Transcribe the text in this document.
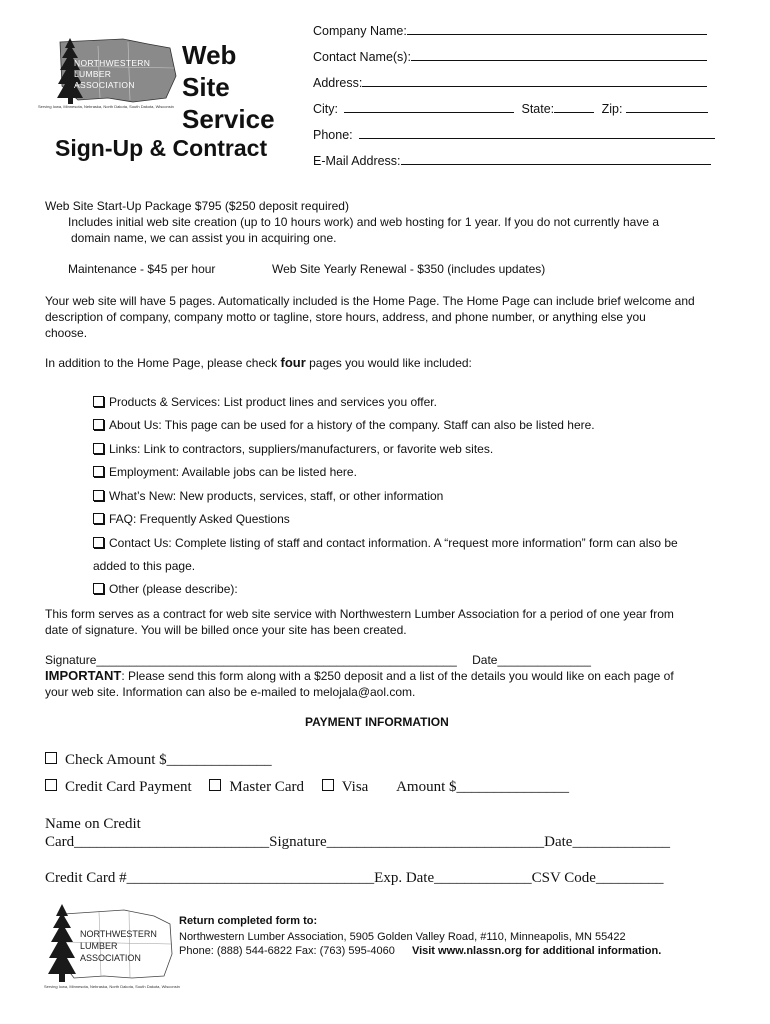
NORTHWESTERN
LUMBER
ASSOCIATION
Serving Iowa, Minnesota, Nebraska, North Dakota, South Dakota, Wisconsin
Web
Site
Service
Sign-Up & Contract
Company Name:
Contact Name(s):
Address:
City:	State:	Zip:
Phone:
E-Mail Address:
Web Site Start-Up Package $795 ($250 deposit required)
Includes initial web site creation (up to 10 hours work) and web hosting for 1 year. If you do not currently have a
domain name, we can assist you in acquiring one.
Maintenance - $45 per hour	Web Site Yearly Renewal - $350 (includes updates)
Your web site will have 5 pages. Automatically included is the Home Page. The Home Page can include brief welcome and
description of company, company motto or tagline, store hours, address, and phone number, or anything else you
choose.
In addition to the Home Page, please check four pages you would like included:
Products & Services: List product lines and services you offer.
About Us: This page can be used for a history of the company. Staff can also be listed here.
Links: Link to contractors, suppliers/manufacturers, or favorite web sites.
Employment: Available jobs can be listed here.
What’s New: New products, services, staff, or other information
FAQ: Frequently Asked Questions
Contact Us: Complete listing of staff and contact information. A “request more information” form can also be
added to this page.
Other (please describe):
This form serves as a contract for web site service with Northwestern Lumber Association for a period of one year from
date of signature. You will be billed once your site has been created.
Signature______________________________________________________ Date______________
IMPORTANT: Please send this form along with a $250 deposit and a list of the details you would like on each page of
your web site. Information can also be e-mailed to melojala@aol.com.
PAYMENT INFORMATION
Check Amount $______________
Credit Card Payment	Master Card	Visa Amount $_______________
Name on Credit
Card__________________________Signature_____________________________Date_____________
Credit Card #_________________________________Exp. Date_____________CSV Code_________
NORTHWESTERN
LUMBER
ASSOCIATION
Serving Iowa, Minnesota, Nebraska, North Dakota, South Dakota, Wisconsin
Return completed form to:
Northwestern Lumber Association, 5905 Golden Valley Road, #110, Minneapolis, MN 55422
Phone: (888) 544-6822 Fax: (763) 595-4060 Visit www.nlassn.org for additional information.
